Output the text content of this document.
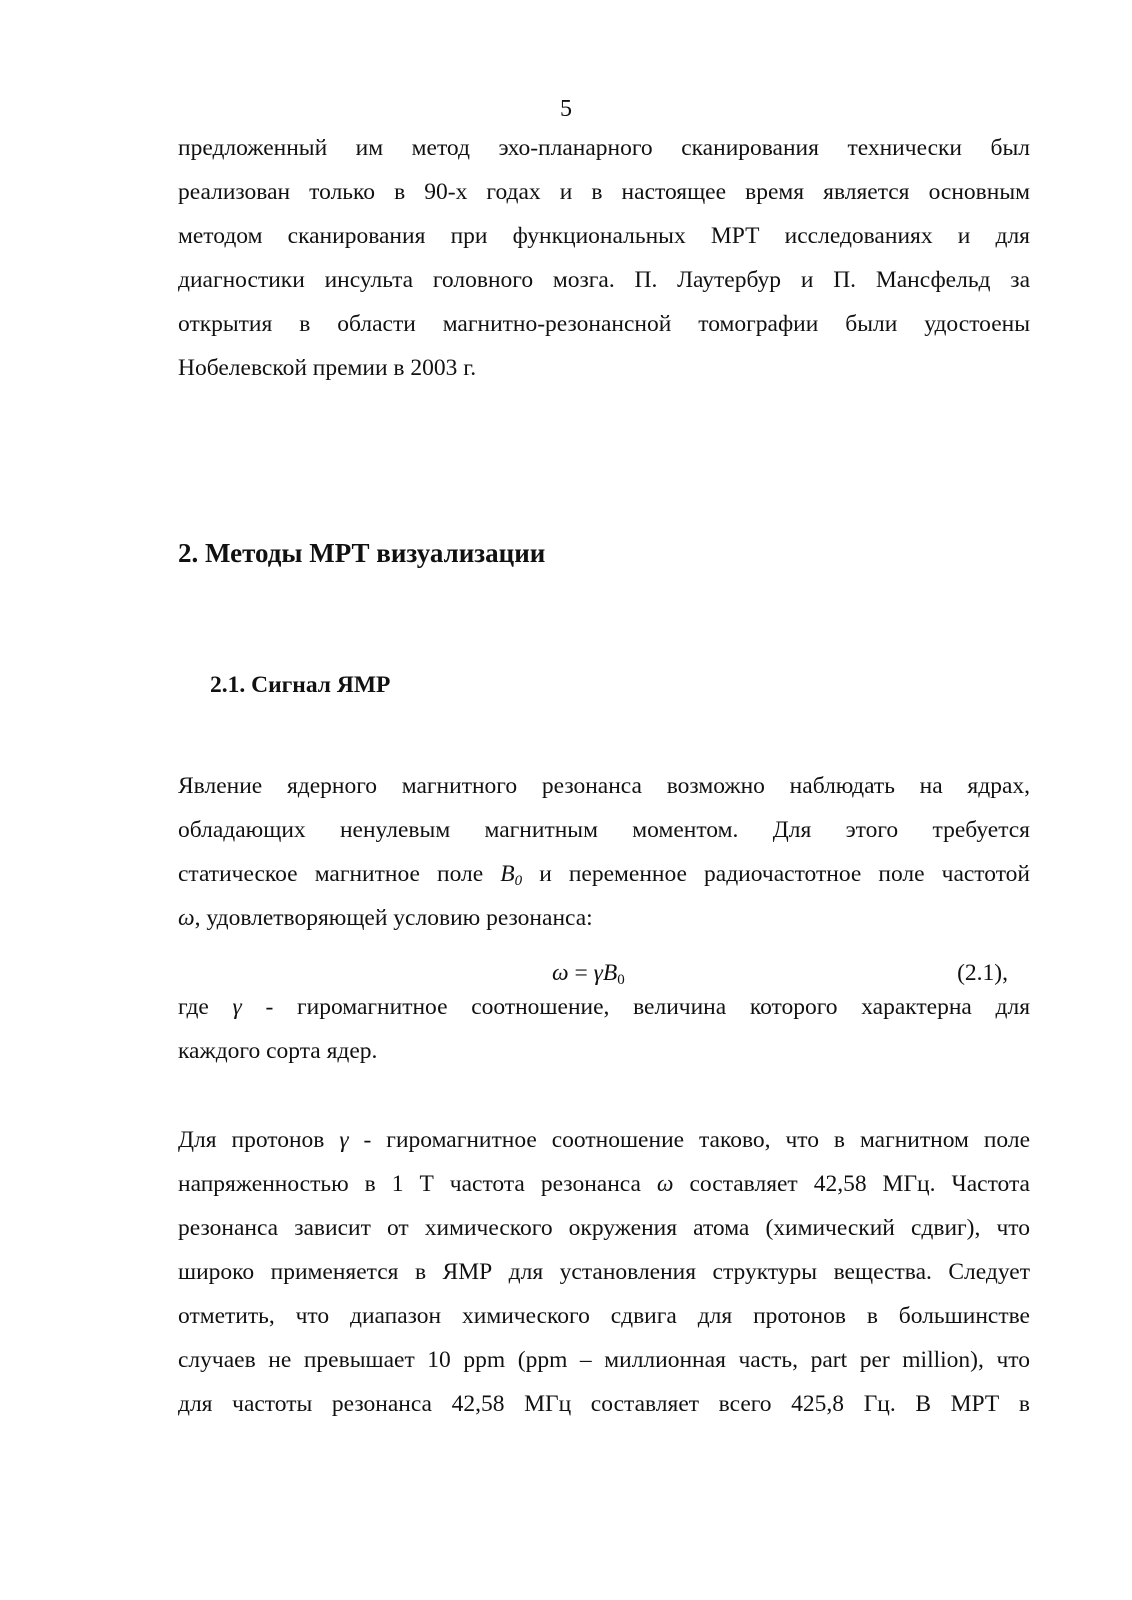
5
предложенный им метод эхо-планарного сканирования технически был
реализован только в 90-х годах и в настоящее время является основным
методом сканирования при функциональных МРТ исследованиях и для
диагностики инсульта головного мозга. П. Лаутербур и П. Мансфельд за
открытия в области магнитно-резонансной томографии были удостоены
Нобелевской премии в 2003 г.
2. Методы МРТ визуализации
2.1. Сигнал ЯМР
Явление ядерного магнитного резонанса возможно наблюдать на ядрах,
обладающих ненулевым магнитным моментом. Для этого требуется
статическое магнитное поле $B_0$ и переменное радиочастотное поле частотой
ω, удовлетворяющей условию резонанса:
$\omega = \gamma B_0$	(2.1),
где γ - гиромагнитное соотношение, величина которого характерна для
каждого сорта ядер.
Для протонов γ - гиромагнитное соотношение таково, что в магнитном поле
напряженностью в 1 Т частота резонанса ω составляет 42,58 МГц. Частота
резонанса зависит от химического окружения атома (химический сдвиг), что
широко применяется в ЯМР для установления структуры вещества. Следует
отметить, что диапазон химического сдвига для протонов в большинстве
случаев не превышает 10 ppm (ppm – миллионная часть, part per million), что
для частоты резонанса 42,58 МГц составляет всего 425,8 Гц. В МРТ в
